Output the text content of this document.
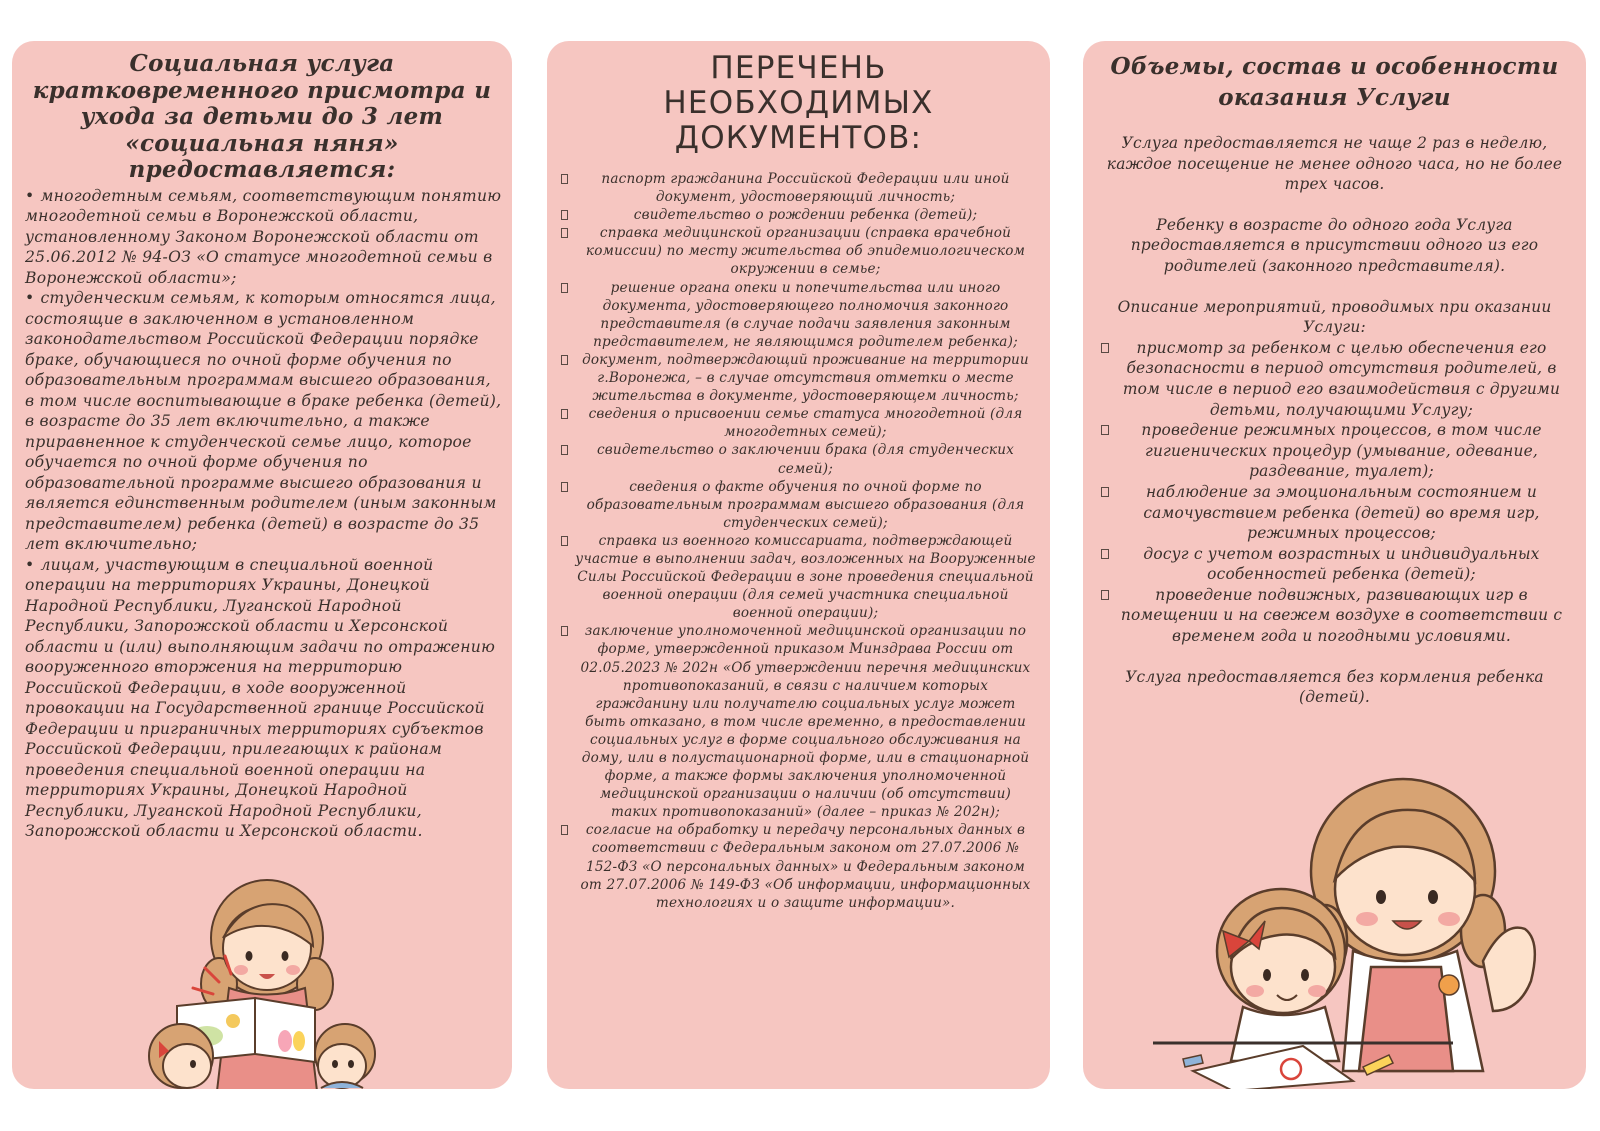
Социальная услуга кратковременного присмотра и ухода за детьми до 3 лет «социальная няня» предоставляется:
• многодетным семьям, соответствующим понятию многодетной семьи в Воронежской области, установленному Законом Воронежской области от 25.06.2012 № 94-ОЗ «О статусе многодетной семьи в Воронежской области»;
• студенческим семьям, к которым относятся лица, состоящие в заключенном в установленном законодательством Российской Федерации порядке браке, обучающиеся по очной форме обучения по образовательным программам высшего образования, в том числе воспитывающие в браке ребенка (детей), в возрасте до 35 лет включительно, а также приравненное к студенческой семье лицо, которое обучается по очной форме обучения по образовательной программе высшего образования и является единственным родителем (иным законным представителем) ребенка (детей) в возрасте до 35 лет включительно;
• лицам, участвующим в специальной военной операции на территориях Украины, Донецкой Народной Республики, Луганской Народной Республики, Запорожской области и Херсонской области и (или) выполняющим задачи по отражению вооруженного вторжения на территорию Российской Федерации, в ходе вооруженной провокации на Государственной границе Российской Федерации и приграничных территориях субъектов Российской Федерации, прилегающих к районам проведения специальной военной операции на территориях Украины, Донецкой Народной Республики, Луганской Народной Республики, Запорожской области и Херсонской области.
ПЕРЕЧЕНЬ НЕОБХОДИМЫХ ДОКУМЕНТОВ:
паспорт гражданина Российской Федерации или иной документ, удостоверяющий личность;
свидетельство о рождении ребенка (детей);
справка медицинской организации (справка врачебной комиссии) по месту жительства об эпидемиологическом окружении в семье;
решение органа опеки и попечительства или иного документа, удостоверяющего полномочия законного представителя (в случае подачи заявления законным представителем, не являющимся родителем ребенка);
документ, подтверждающий проживание на территории г.Воронежа, – в случае отсутствия отметки о месте жительства в документе, удостоверяющем личность;
сведения о присвоении семье статуса многодетной (для многодетных семей);
свидетельство о заключении брака (для студенческих семей);
сведения о факте обучения по очной форме по образовательным программам высшего образования (для студенческих семей);
справка из военного комиссариата, подтверждающей участие в выполнении задач, возложенных на Вооруженные Силы Российской Федерации в зоне проведения специальной военной операции (для семей участника специальной военной операции);
заключение уполномоченной медицинской организации по форме, утвержденной приказом Минздрава России от 02.05.2023 № 202н «Об утверждении перечня медицинских противопоказаний, в связи с наличием которых гражданину или получателю социальных услуг может быть отказано, в том числе временно, в предоставлении социальных услуг в форме социального обслуживания на дому, или в полустационарной форме, или в стационарной форме, а также формы заключения уполномоченной медицинской организации о наличии (об отсутствии) таких противопоказаний» (далее – приказ № 202н);
согласие на обработку и передачу персональных данных в соответствии с Федеральным законом от 27.07.2006 № 152-ФЗ «О персональных данных» и Федеральным законом от 27.07.2006 № 149-ФЗ «Об информации, информационных технологиях и о защите информации».
Объемы, состав и особенности оказания Услуги

Услуга предоставляется не чаще 2 раз в неделю, каждое посещение не менее одного часа, но не более трех часов.

Ребенку в возрасте до одного года Услуга предоставляется в присутствии одного из его родителей (законного представителя).

Описание мероприятий, проводимых при оказании Услуги:

присмотр за ребенком с целью обеспечения его безопасности в период отсутствия родителей, в том числе в период его взаимодействия с другими детьми, получающими Услугу;
проведение режимных процессов, в том числе гигиенических процедур (умывание, одевание, раздевание, туалет);
наблюдение за эмоциональным состоянием и самочувствием ребенка (детей) во время игр, режимных процессов;
досуг с учетом возрастных и индивидуальных особенностей ребенка (детей);
проведение подвижных, развивающих игр в помещении и на свежем воздухе в соответствии с временем года и погодными условиями.

Услуга предоставляется без кормления ребенка (детей).
